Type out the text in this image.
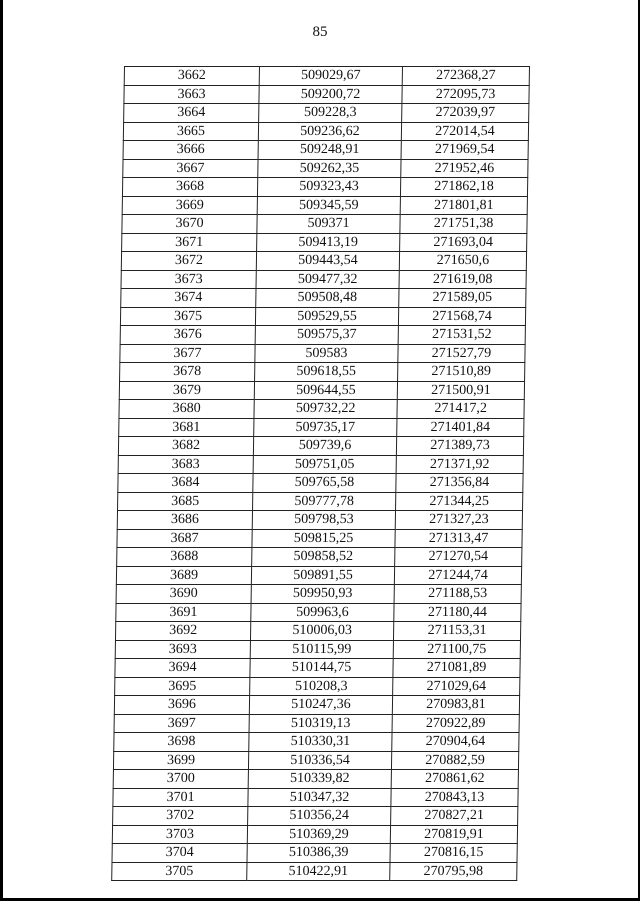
85
3662	509029,67	272368,27
3663	509200,72	272095,73
3664	509228,3	272039,97
3665	509236,62	272014,54
3666	509248,91	271969,54
3667	509262,35	271952,46
3668	509323,43	271862,18
3669	509345,59	271801,81
3670	509371	271751,38
3671	509413,19	271693,04
3672	509443,54	271650,6
3673	509477,32	271619,08
3674	509508,48	271589,05
3675	509529,55	271568,74
3676	509575,37	271531,52
3677	509583	271527,79
3678	509618,55	271510,89
3679	509644,55	271500,91
3680	509732,22	271417,2
3681	509735,17	271401,84
3682	509739,6	271389,73
3683	509751,05	271371,92
3684	509765,58	271356,84
3685	509777,78	271344,25
3686	509798,53	271327,23
3687	509815,25	271313,47
3688	509858,52	271270,54
3689	509891,55	271244,74
3690	509950,93	271188,53
3691	509963,6	271180,44
3692	510006,03	271153,31
3693	510115,99	271100,75
3694	510144,75	271081,89
3695	510208,3	271029,64
3696	510247,36	270983,81
3697	510319,13	270922,89
3698	510330,31	270904,64
3699	510336,54	270882,59
3700	510339,82	270861,62
3701	510347,32	270843,13
3702	510356,24	270827,21
3703	510369,29	270819,91
3704	510386,39	270816,15
3705	510422,91	270795,98
